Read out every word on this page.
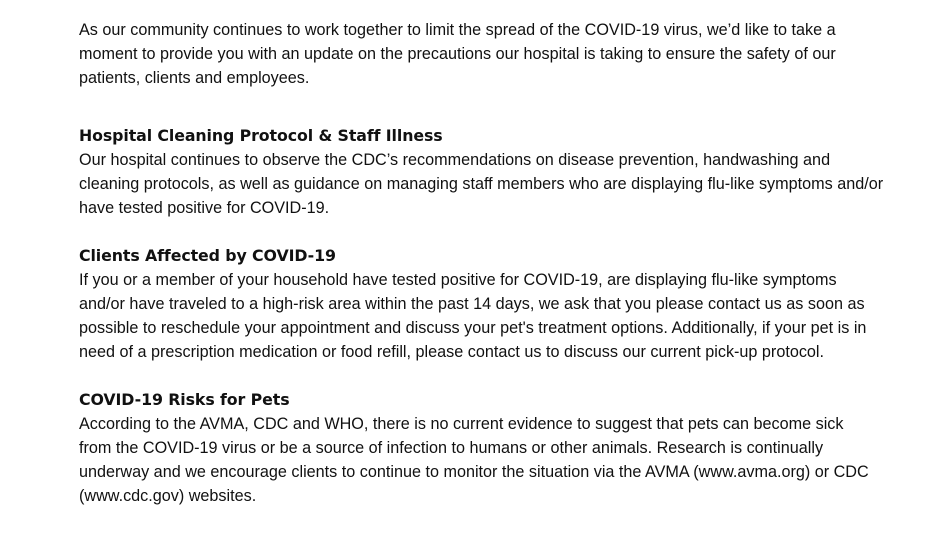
As our community continues to work together to limit the spread of the COVID-19 virus, we’d like to take a moment to provide you with an update on the precautions our hospital is taking to ensure the safety of our patients, clients and employees.

Hospital Cleaning Protocol & Staff Illness

Our hospital continues to observe the CDC’s recommendations on disease prevention, handwashing and cleaning protocols, as well as guidance on managing staff members who are displaying flu-like symptoms and/or have tested positive for COVID-19.

Clients Affected by COVID-19

If you or a member of your household have tested positive for COVID-19, are displaying flu-like symptoms and/or have traveled to a high-risk area within the past 14 days, we ask that you please contact us as soon as possible to reschedule your appointment and discuss your pet's treatment options. Additionally, if your pet is in need of a prescription medication or food refill, please contact us to discuss our current pick-up protocol.

COVID-19 Risks for Pets

According to the AVMA, CDC and WHO, there is no current evidence to suggest that pets can become sick from the COVID-19 virus or be a source of infection to humans or other animals. Research is continually underway and we encourage clients to continue to monitor the situation via the AVMA (www.avma.org) or CDC (www.cdc.gov) websites.
